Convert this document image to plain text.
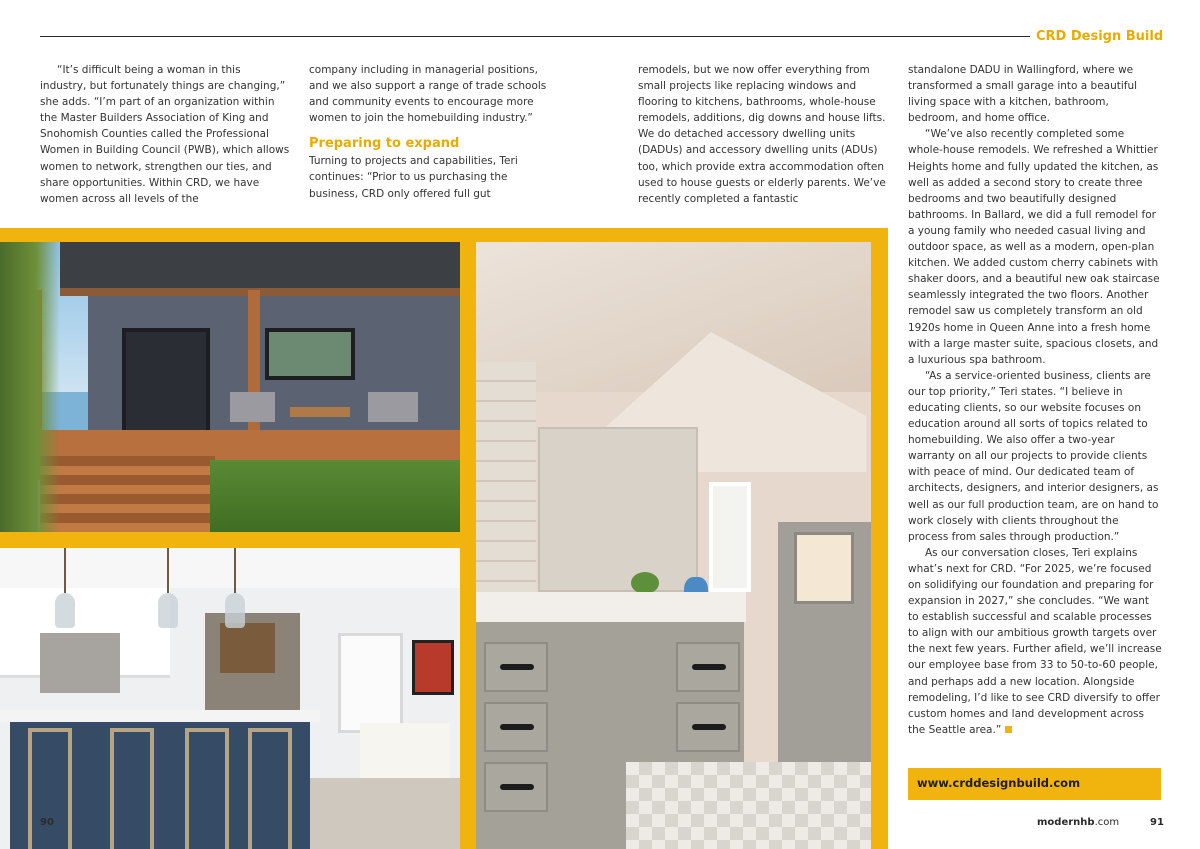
CRD Design Build

“It’s difficult being a woman in this industry, but fortunately things are changing,” she adds. “I’m part of an organization within the Master Builders Association of King and Snohomish Counties called the Professional Women in Building Council (PWB), which allows women to network, strengthen our ties, and share opportunities. Within CRD, we have women across all levels of the

company including in managerial positions, and we also support a range of trade schools and community events to encourage more women to join the homebuilding industry.”

Preparing to expand

Turning to projects and capabilities, Teri continues: “Prior to us purchasing the business, CRD only offered full gut

remodels, but we now offer everything from small projects like replacing windows and flooring to kitchens, bathrooms, whole-house remodels, additions, dig downs and house lifts. We do detached accessory dwelling units (DADUs) and accessory dwelling units (ADUs) too, which provide extra accommodation often used to house guests or elderly parents. We’ve recently completed a fantastic

standalone DADU in Wallingford, where we transformed a small garage into a beautiful living space with a kitchen, bathroom, bedroom, and home office.

“We’ve also recently completed some whole-house remodels. We refreshed a Whittier Heights home and fully updated the kitchen, as well as added a second story to create three bedrooms and two beautifully designed bathrooms. In Ballard, we did a full remodel for a young family who needed casual living and outdoor space, as well as a modern, open-plan kitchen. We added custom cherry cabinets with shaker doors, and a beautiful new oak staircase seamlessly integrated the two floors. Another remodel saw us completely transform an old 1920s home in Queen Anne into a fresh home with a large master suite, spacious closets, and a luxurious spa bathroom.

“As a service-oriented business, clients are our top priority,” Teri states. “I believe in educating clients, so our website focuses on education around all sorts of topics related to homebuilding. We also offer a two-year warranty on all our projects to provide clients with peace of mind. Our dedicated team of architects, designers, and interior designers, as well as our full production team, are on hand to work closely with clients throughout the process from sales through production.”

As our conversation closes, Teri explains what’s next for CRD. “For 2025, we’re focused on solidifying our foundation and preparing for expansion in 2027,” she concludes. “We want to establish successful and scalable processes to align with our ambitious growth targets over the next few years. Further afield, we’ll increase our employee base from 33 to 50-to-60 people, and perhaps add a new location. Alongside remodeling, I’d like to see CRD diversify to offer custom homes and land development across the Seattle area.”

www.crddesignbuild.com
90	modernhb.com	91
